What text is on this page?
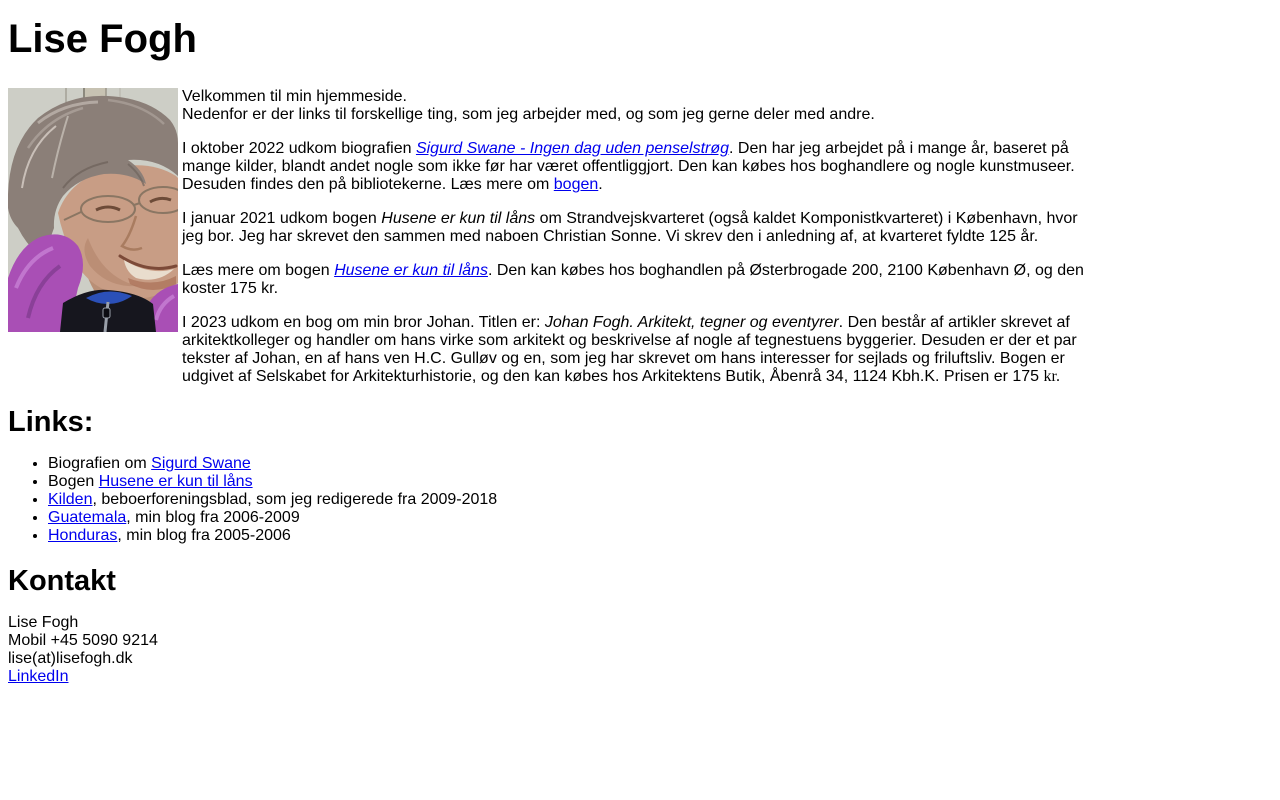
Lise Fogh

Velkommen til min hjemmeside.
Nedenfor er der links til forskellige ting, som jeg arbejder med, og som jeg gerne deler med andre.

I oktober 2022 udkom biografien Sigurd Swane - Ingen dag uden penselstrøg. Den har jeg arbejdet på i mange år, baseret på mange kilder, blandt andet nogle som ikke før har været offentliggjort. Den kan købes hos boghandlere og nogle kunstmuseer. Desuden findes den på bibliotekerne. Læs mere om bogen.

I januar 2021 udkom bogen Husene er kun til låns om Strandvejskvarteret (også kaldet Komponistkvarteret) i København, hvor jeg bor. Jeg har skrevet den sammen med naboen Christian Sonne. Vi skrev den i anledning af, at kvarteret fyldte 125 år.

Læs mere om bogen Husene er kun til låns. Den kan købes hos boghandlen på Østerbrogade 200, 2100 København Ø, og den koster 175 kr.

I 2023 udkom en bog om min bror Johan. Titlen er: Johan Fogh. Arkitekt, tegner og eventyrer. Den består af artikler skrevet af arkitektkolleger og handler om hans virke som arkitekt og beskrivelse af nogle af tegnestuens byggerier. Desuden er der et par tekster af Johan, en af hans ven H.C. Gulløv og en, som jeg har skrevet om hans interesser for sejlads og friluftsliv. Bogen er udgivet af Selskabet for Arkitekturhistorie, og den kan købes hos Arkitektens Butik, Åbenrå 34, 1124 Kbh.K. Prisen er 175 kr.

Links:
• Biografien om Sigurd Swane
• Bogen Husene er kun til låns
• Kilden, beboerforeningsblad, som jeg redigerede fra 2009-2018
• Guatemala, min blog fra 2006-2009
• Honduras, min blog fra 2005-2006
Kontakt

Lise Fogh
Mobil +45 5090 9214
lise(at)lisefogh.dk
LinkedIn
